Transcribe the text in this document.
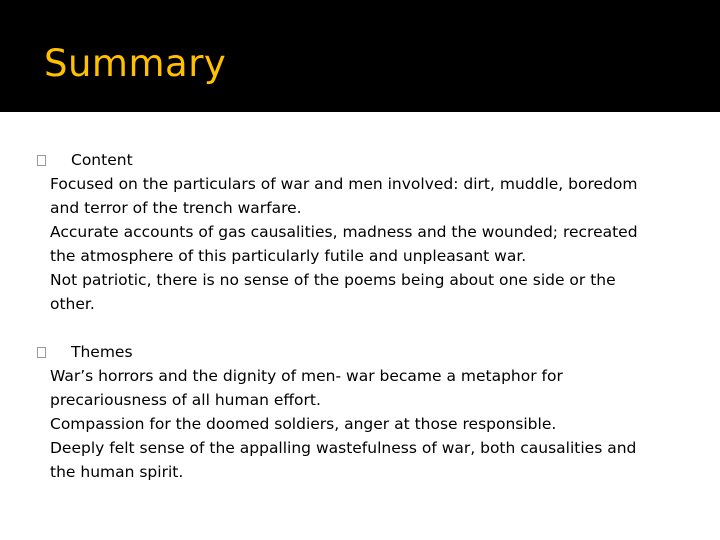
Summary
Content

Focused on the particulars of war and men involved: dirt, muddle, boredom

and terror of the trench warfare.

Accurate accounts of gas causalities, madness and the wounded; recreated

the atmosphere of this particularly futile and unpleasant war.

Not patriotic, there is no sense of the poems being about one side or the

other.

Themes

War’s horrors and the dignity of men- war became a metaphor for

precariousness of all human effort.

Compassion for the doomed soldiers, anger at those responsible.

Deeply felt sense of the appalling wastefulness of war, both causalities and

the human spirit.
